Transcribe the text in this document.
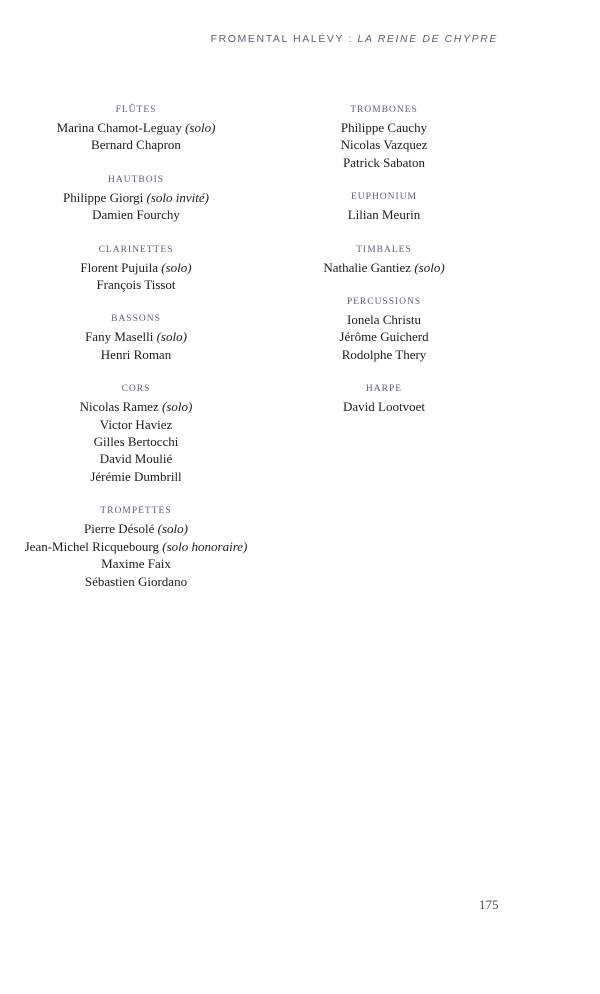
FROMENTAL HALÉVY : LA REINE DE CHYPRE
FLÛTES
Marina Chamot-Leguay (solo)
Bernard Chapron
HAUTBOIS
Philippe Giorgi (solo invité)
Damien Fourchy
CLARINETTES
Florent Pujuila (solo)
François Tissot
BASSONS
Fany Maselli (solo)
Henri Roman
CORS
Nicolas Ramez (solo)
Victor Haviez
Gilles Bertocchi
David Moulié
Jérémie Dumbrill
TROMPETTES
Pierre Désolé (solo)
Jean-Michel Ricquebourg (solo honoraire)
Maxime Faix
Sébastien Giordano
TROMBONES
Philippe Cauchy
Nicolas Vazquez
Patrick Sabaton
EUPHONIUM
Lilian Meurin
TIMBALES
Nathalie Gantiez (solo)
PERCUSSIONS
Ionela Christu
Jérôme Guicherd
Rodolphe Thery
HARPE
David Lootvoet
175
